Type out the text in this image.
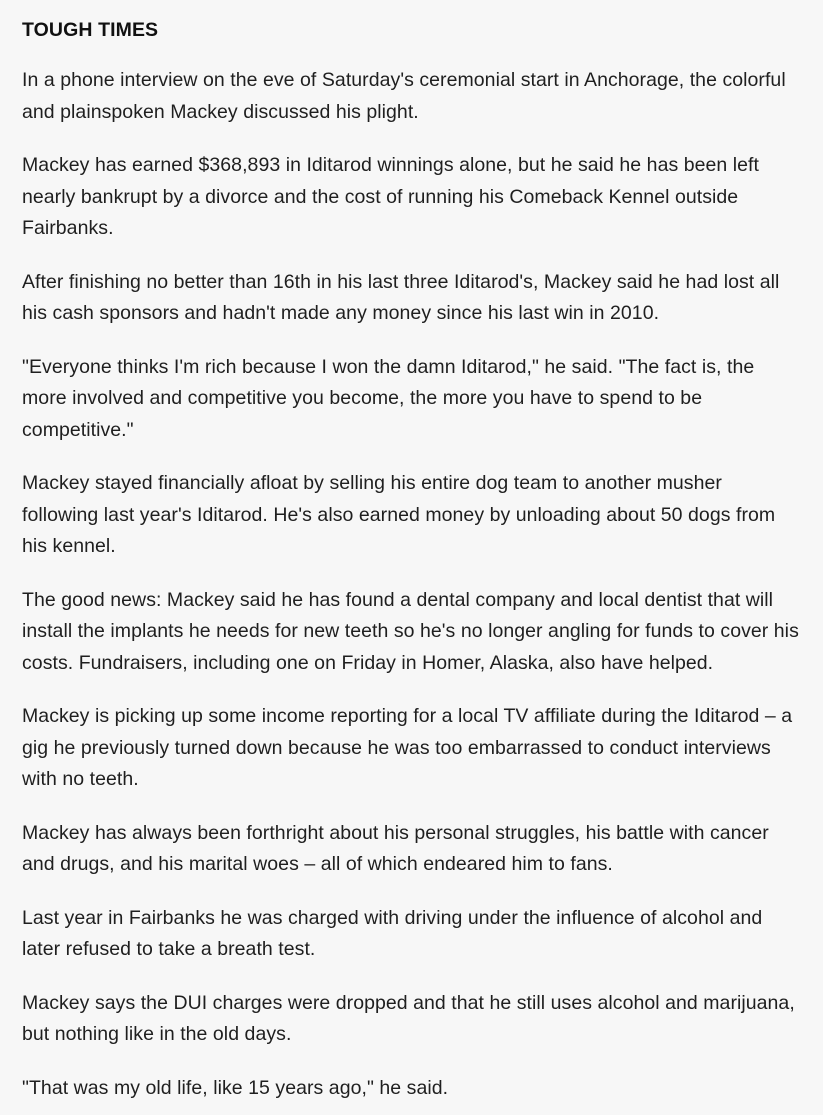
TOUGH TIMES

In a phone interview on the eve of Saturday's ceremonial start in Anchorage, the colorful and plainspoken Mackey discussed his plight.

Mackey has earned $368,893 in Iditarod winnings alone, but he said he has been left nearly bankrupt by a divorce and the cost of running his Comeback Kennel outside Fairbanks.

After finishing no better than 16th in his last three Iditarod's, Mackey said he had lost all his cash sponsors and hadn't made any money since his last win in 2010.

"Everyone thinks I'm rich because I won the damn Iditarod," he said. "The fact is, the more involved and competitive you become, the more you have to spend to be competitive."

Mackey stayed financially afloat by selling his entire dog team to another musher following last year's Iditarod. He's also earned money by unloading about 50 dogs from his kennel.

The good news: Mackey said he has found a dental company and local dentist that will install the implants he needs for new teeth so he's no longer angling for funds to cover his costs. Fundraisers, including one on Friday in Homer, Alaska, also have helped.

Mackey is picking up some income reporting for a local TV affiliate during the Iditarod – a gig he previously turned down because he was too embarrassed to conduct interviews with no teeth.

Mackey has always been forthright about his personal struggles, his battle with cancer and drugs, and his marital woes – all of which endeared him to fans.

Last year in Fairbanks he was charged with driving under the influence of alcohol and later refused to take a breath test.

Mackey says the DUI charges were dropped and that he still uses alcohol and marijuana, but nothing like in the old days.

"That was my old life, like 15 years ago," he said.
